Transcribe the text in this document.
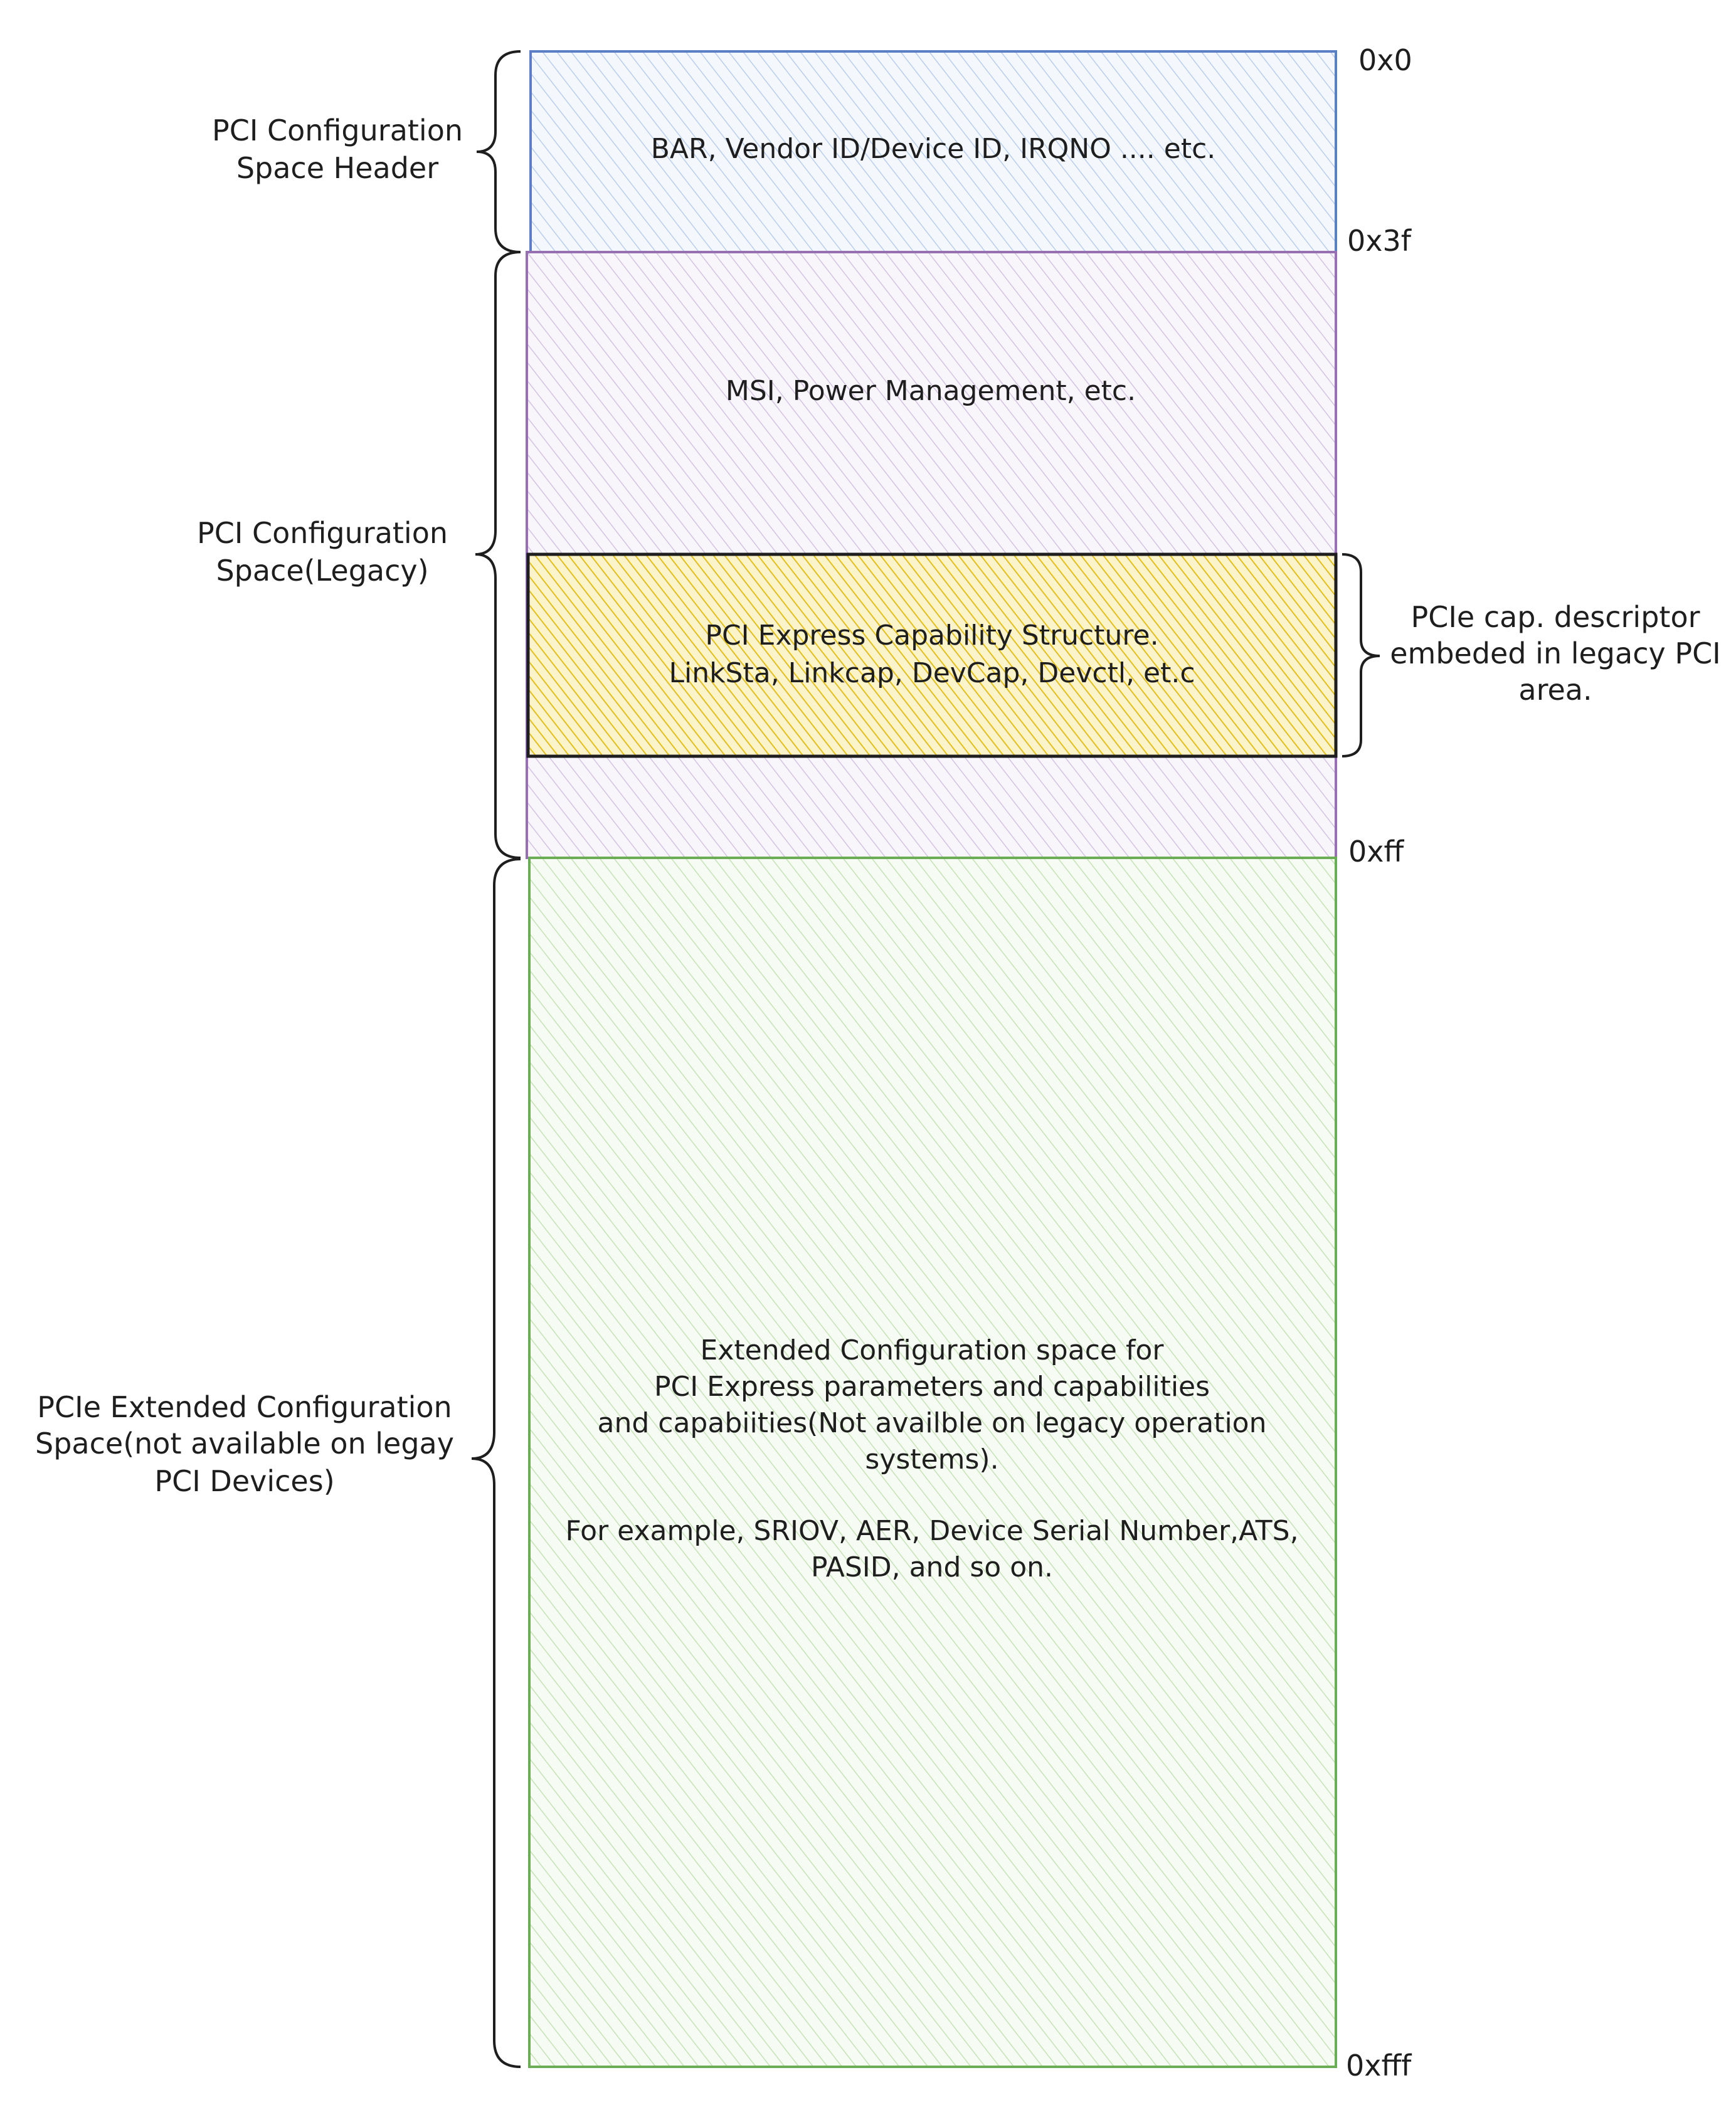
BAR, Vendor ID/Device ID, IRQNO .... etc.
MSI, Power Management, etc.
PCI Express Capability Structure.
LinkSta, Linkcap, DevCap, Devctl, et.c
Extended Configuration space for
PCI Express parameters and capabilities
and capabiities(Not availble on legacy operation
systems).
For example, SRIOV, AER, Device Serial Number,ATS,
PASID, and so on.
PCI Configuration
Space Header
PCI Configuration
Space(Legacy)
PCIe Extended Configuration
Space(not available on legay
PCI Devices)
PCIe cap. descriptor
embeded in legacy PCI
area.
0x0
0x3f
0xff
0xfff
